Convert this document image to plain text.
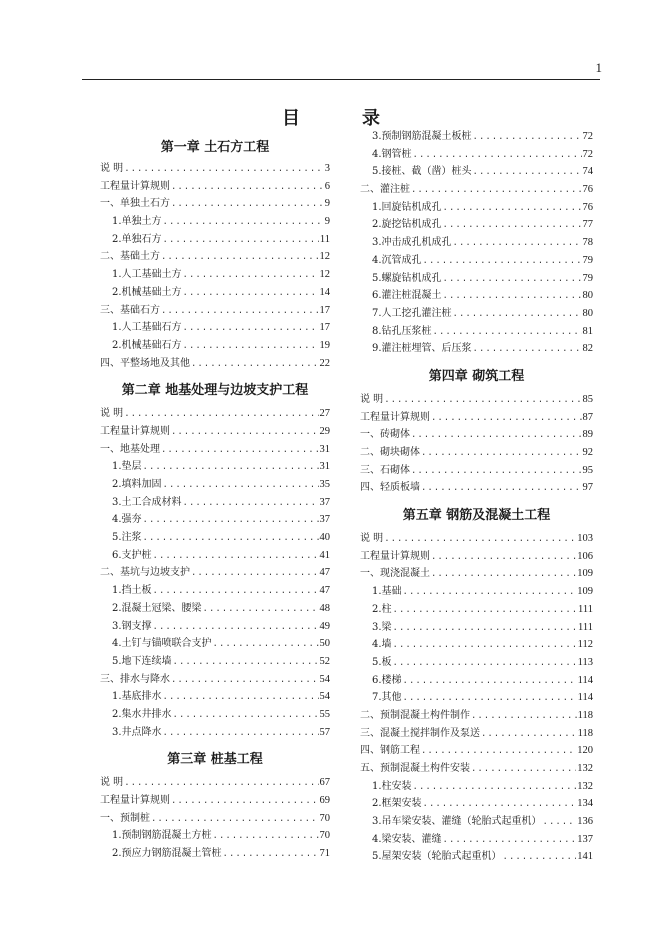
1
目　录
第一章 土石方工程
说 明 .....	3
工程量计算规则 .....	6
一、单独土石方 .....	9
1.单独土方 .....	9
2.单独石方 .....	11
二、基础土方 .....	12
1.人工基础土方 .....	12
2.机械基础土方 .....	14
三、基础石方 .....	17
1.人工基础石方 .....	17
2.机械基础石方 .....	19
四、平整场地及其他 .....	22
第二章 地基处理与边坡支护工程
说 明 .....	27
工程量计算规则 .....	29
一、地基处理 .....	31
1.垫层 .....	31
2.填料加固 .....	35
3.土工合成材料 .....	37
4.强夯 .....	37
5.注浆 .....	40
6.支护桩 .....	41
二、基坑与边坡支护 .....	47
1.挡土板 .....	47
2.混凝土冠梁、腰梁 .....	48
3.钢支撑 .....	49
4.土钉与锚喷联合支护 .....	50
5.地下连续墙 .....	52
三、排水与降水 .....	54
1.基底排水 .....	54
2.集水井排水 .....	55
3.井点降水 .....	57
第三章 桩基工程
说 明 .....	67
工程量计算规则 .....	69
一、预制桩 .....	70
1.预制钢筋混凝土方桩 .....	70
2.预应力钢筋混凝土管桩 .....	71
3.预制钢筋混凝土板桩 .....	72
4.钢管桩 .....	72
5.接桩、截（凿）桩头 .....	74
二、灌注桩 .....	76
1.回旋钻机成孔 .....	76
2.旋挖钻机成孔 .....	77
3.冲击成孔机成孔 .....	78
4.沉管成孔 .....	79
5.螺旋钻机成孔 .....	79
6.灌注桩混凝土 .....	80
7.人工挖孔灌注桩 .....	80
8.钻孔压浆桩 .....	81
9.灌注桩埋管、后压浆 .....	82
第四章 砌筑工程
说 明 .....	85
工程量计算规则 .....	87
一、砖砌体 .....	89
二、砌块砌体 .....	92
三、石砌体 .....	95
四、轻质板墙 .....	97
第五章 钢筋及混凝土工程
说 明 .....	103
工程量计算规则 .....	106
一、现浇混凝土 .....	109
1.基础 .....	109
2.柱 .....	111
3.梁 .....	111
4.墙 .....	112
5.板 .....	113
6.楼梯 .....	114
7.其他 .....	114
二、预制混凝土构件制作 .....	118
三、混凝土搅拌制作及泵送 .....	118
四、钢筋工程 .....	120
五、预制混凝土构件安装 .....	132
1.柱安装 .....	132
2.框架安装 .....	134
3.吊车梁安装、灌缝（轮胎式起重机） .....	136
4.梁安装、灌缝 .....	137
5.屋架安装（轮胎式起重机） .....	141
